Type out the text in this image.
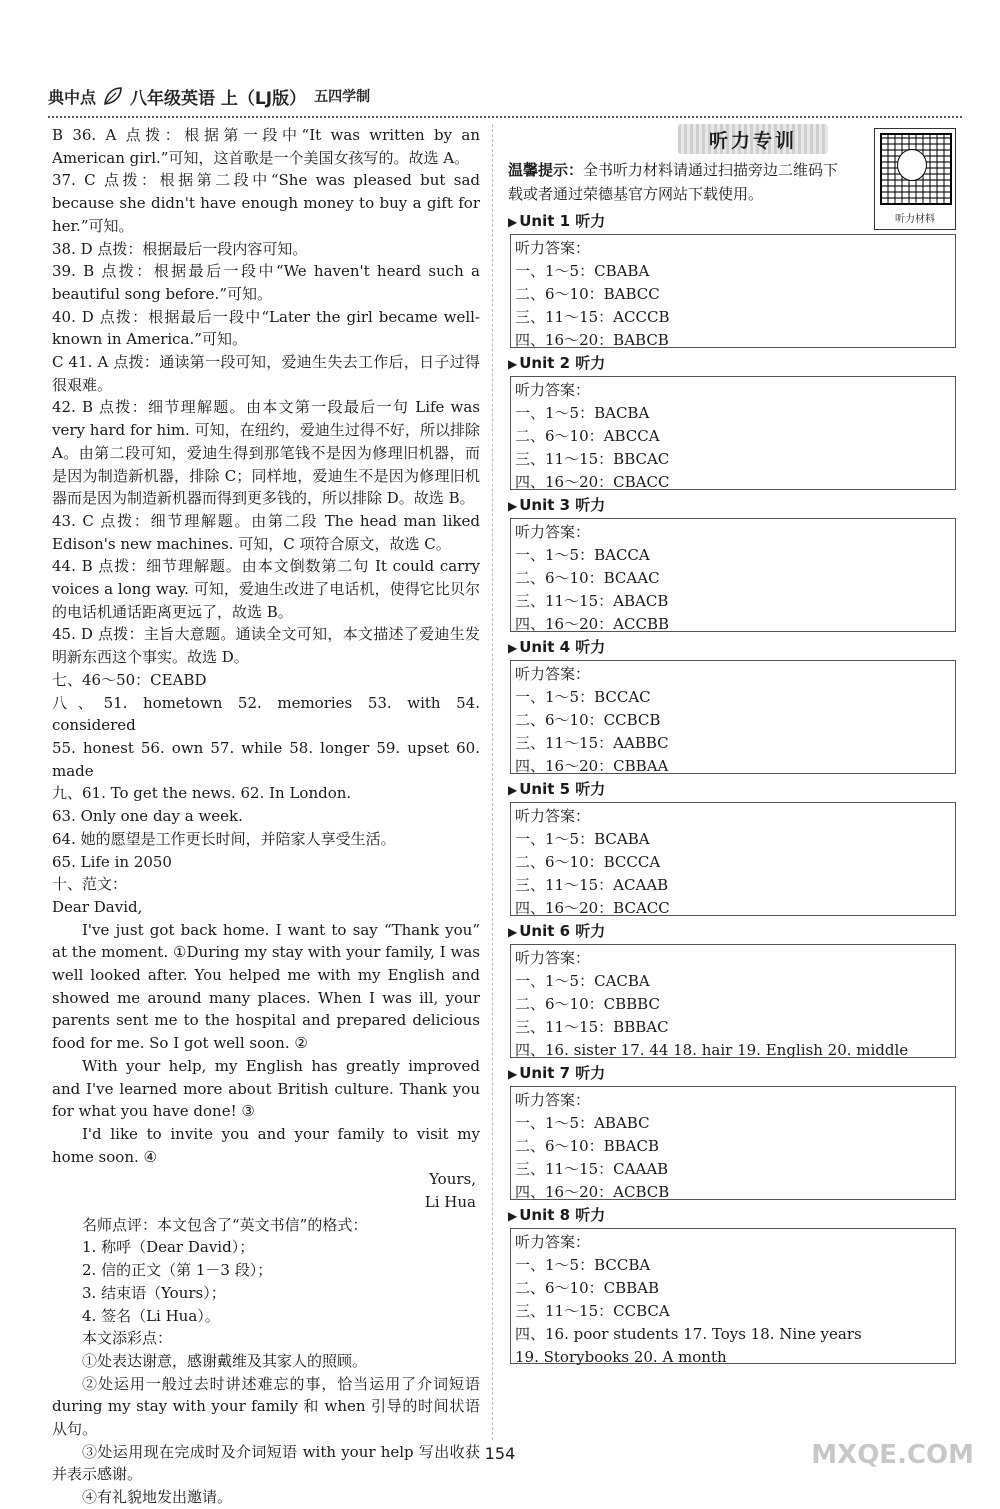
典中点 八年级英语 上（LJ版） 五四学制

B 36. A 点拨：根据第一段中“It was written by an American girl.”可知，这首歌是一个美国女孩写的。故选 A。

37. C 点拨：根据第二段中“She was pleased but sad because she didn't have enough money to buy a gift for her.”可知。

38. D 点拨：根据最后一段内容可知。

39. B 点拨：根据最后一段中“We haven't heard such a beautiful song before.”可知。

40. D 点拨：根据最后一段中“Later the girl became well-known in America.”可知。

C 41. A 点拨：通读第一段可知，爱迪生失去工作后，日子过得很艰难。

42. B 点拨：细节理解题。由本文第一段最后一句 Life was very hard for him. 可知，在纽约，爱迪生过得不好，所以排除 A。由第二段可知，爱迪生得到那笔钱不是因为修理旧机器，而是因为制造新机器，排除 C；同样地，爱迪生不是因为修理旧机器而是因为制造新机器而得到更多钱的，所以排除 D。故选 B。

43. C 点拨：细节理解题。由第二段 The head man liked Edison's new machines. 可知，C 项符合原文，故选 C。

44. B 点拨：细节理解题。由本文倒数第二句 It could carry voices a long way. 可知，爱迪生改进了电话机，使得它比贝尔的电话机通话距离更远了，故选 B。

45. D 点拨：主旨大意题。通读全文可知，本文描述了爱迪生发明新东西这个事实。故选 D。

七、46～50：CEABD

八、51. hometown 52. memories 53. with 54. considered

55. honest 56. own 57. while 58. longer 59. upset 60. made

九、61. To get the news. 62. In London.

63. Only one day a week.

64. 她的愿望是工作更长时间，并陪家人享受生活。

65. Life in 2050

十、范文：

Dear David,

I've just got back home. I want to say “Thank you” at the moment. ①During my stay with your family, I was well looked after. You helped me with my English and showed me around many places. When I was ill, your parents sent me to the hospital and prepared delicious food for me. So I got well soon. ②

With your help, my English has greatly improved and I've learned more about British culture. Thank you for what you have done! ③

I'd like to invite you and your family to visit my home soon. ④

Yours,

Li Hua

名师点评：本文包含了“英文书信”的格式：

1. 称呼（Dear David）；

2. 信的正文（第 1－3 段）；

3. 结束语（Yours）；

4. 签名（Li Hua）。

本文添彩点：

①处表达谢意，感谢戴维及其家人的照顾。

②处运用一般过去时讲述难忘的事，恰当运用了介词短语 during my stay with your family 和 when 引导的时间状语从句。

③处运用现在完成时及介词短语 with your help 写出收获并表示感谢。

④有礼貌地发出邀请。

听力专训
听力材料
温馨提示：全书听力材料请通过扫描旁边二维码下载或者通过荣德基官方网站下载使用。
▶ Unit 1 听力
听力答案：
一、1～5：CBABA
二、6～10：BABCC
三、11～15：ACCCB
四、16～20：BABCB
▶ Unit 2 听力
听力答案：
一、1～5：BACBA
二、6～10：ABCCA
三、11～15：BBCAC
四、16～20：CBACC
▶ Unit 3 听力
听力答案：
一、1～5：BACCA
二、6～10：BCAAC
三、11～15：ABACB
四、16～20：ACCBB
▶ Unit 4 听力
听力答案：
一、1～5：BCCAC
二、6～10：CCBCB
三、11～15：AABBC
四、16～20：CBBAA
▶ Unit 5 听力
听力答案：
一、1～5：BCABA
二、6～10：BCCCA
三、11～15：ACAAB
四、16～20：BCACC
▶ Unit 6 听力
听力答案：
一、1～5：CACBA
二、6～10：CBBBC
三、11～15：BBBAC
四、16. sister 17. 44 18. hair 19. English 20. middle
▶ Unit 7 听力
听力答案：
一、1～5：ABABC
二、6～10：BBACB
三、11～15：CAAAB
四、16～20：ACBCB
▶ Unit 8 听力
听力答案：
一、1～5：BCCBA
二、6～10：CBBAB
三、11～15：CCBCA
四、16. poor students 17. Toys 18. Nine years
19. Storybooks 20. A month
154	MXQE.COM
